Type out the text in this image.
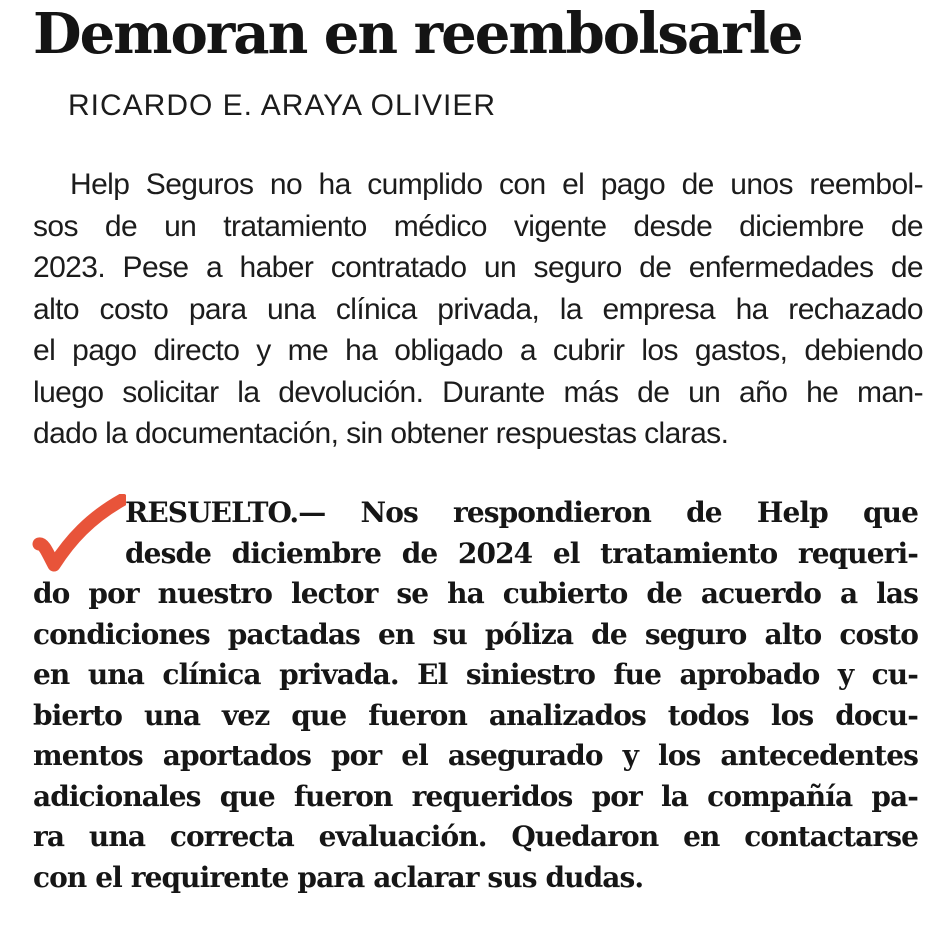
Demoran en reembolsarle
RICARDO E. ARAYA OLIVIER
Help Seguros no ha cumplido con el pago de unos reembol-
sos de un tratamiento médico vigente desde diciembre de
2023. Pese a haber contratado un seguro de enfermedades de
alto costo para una clínica privada, la empresa ha rechazado
el pago directo y me ha obligado a cubrir los gastos, debiendo
luego solicitar la devolución. Durante más de un año he man-
dado la documentación, sin obtener respuestas claras.
RESUELTO.— Nos respondieron de Help que
desde diciembre de 2024 el tratamiento requeri-
do por nuestro lector se ha cubierto de acuerdo a las
condiciones pactadas en su póliza de seguro alto costo
en una clínica privada. El siniestro fue aprobado y cu-
bierto una vez que fueron analizados todos los docu-
mentos aportados por el asegurado y los antecedentes
adicionales que fueron requeridos por la compañía pa-
ra una correcta evaluación. Quedaron en contactarse
con el requirente para aclarar sus dudas.
